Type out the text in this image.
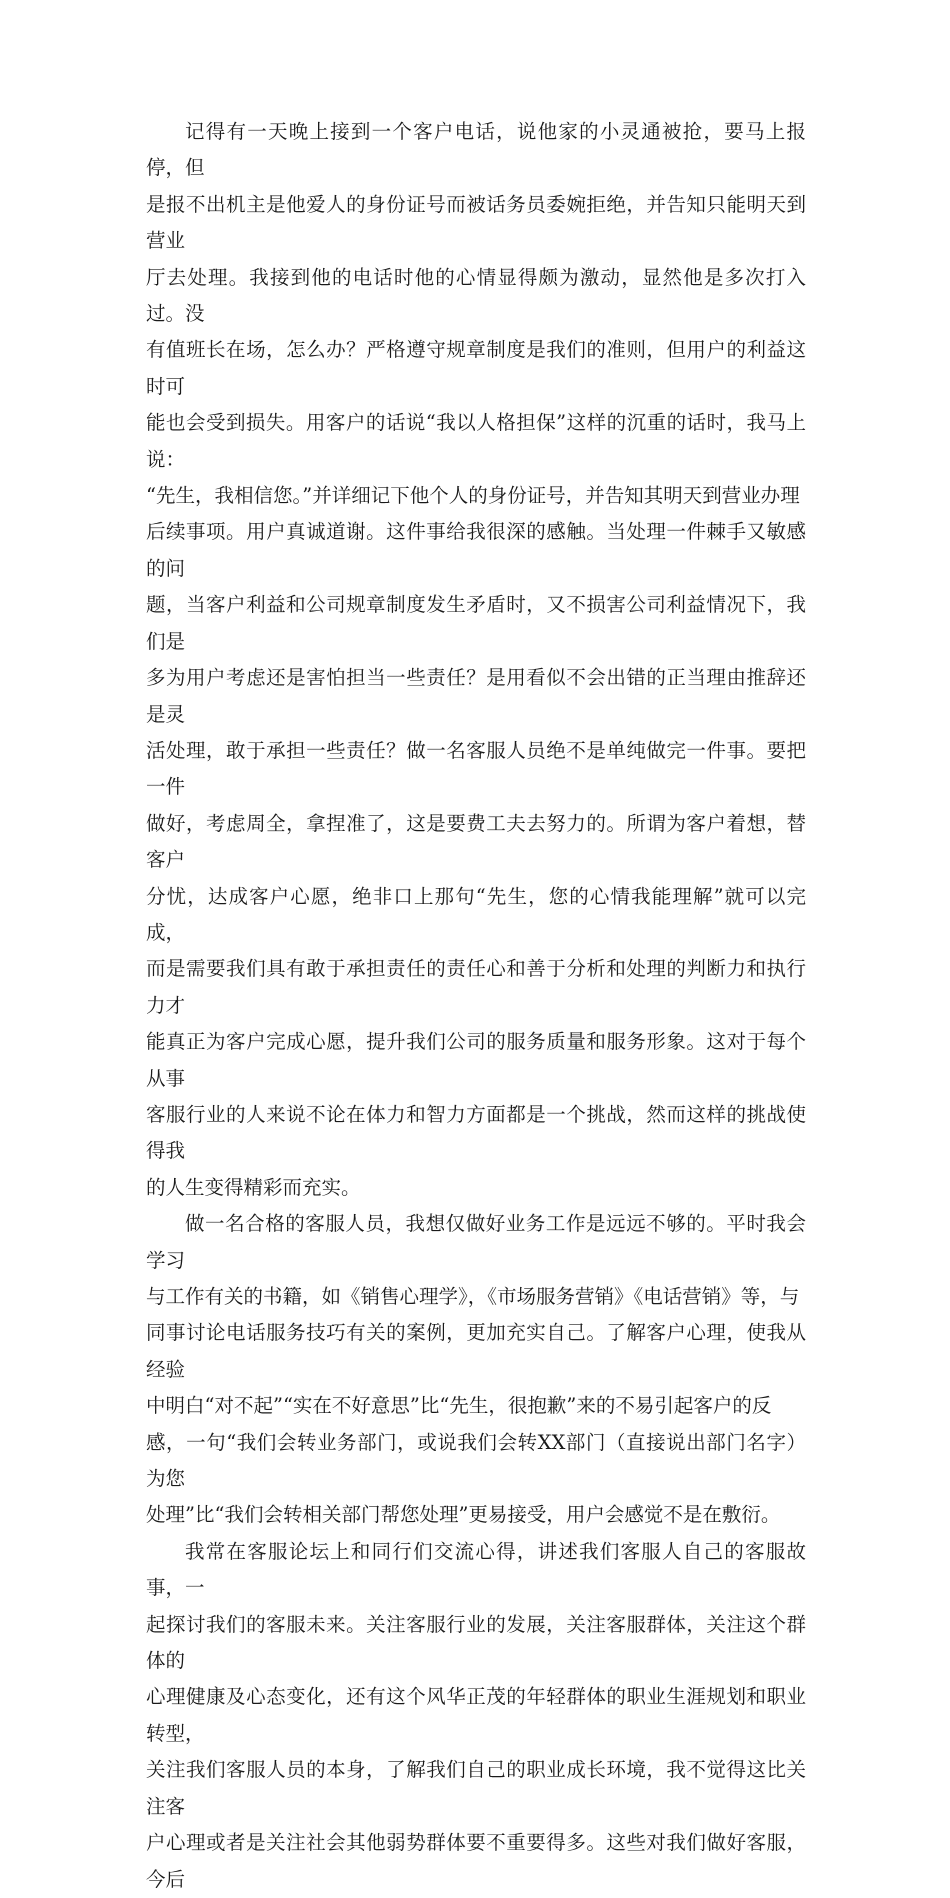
记得有一天晚上接到一个客户电话，说他家的小灵通被抢，要马上报停，但
是报不出机主是他爱人的身份证号而被话务员委婉拒绝，并告知只能明天到营业
厅去处理。我接到他的电话时他的心情显得颇为激动，显然他是多次打入过。没
有值班长在场，怎么办？严格遵守规章制度是我们的准则，但用户的利益这时可
能也会受到损失。用客户的话说“我以人格担保”这样的沉重的话时，我马上说：
“先生，我相信您。”并详细记下他个人的身份证号，并告知其明天到营业办理
后续事项。用户真诚道谢。这件事给我很深的感触。当处理一件棘手又敏感的问
题，当客户利益和公司规章制度发生矛盾时，又不损害公司利益情况下，我们是
多为用户考虑还是害怕担当一些责任？是用看似不会出错的正当理由推辞还是灵
活处理，敢于承担一些责任？做一名客服人员绝不是单纯做完一件事。要把一件
做好，考虑周全，拿捏准了，这是要费工夫去努力的。所谓为客户着想，替客户
分忧，达成客户心愿，绝非口上那句“先生，您的心情我能理解”就可以完成，
而是需要我们具有敢于承担责任的责任心和善于分析和处理的判断力和执行力才
能真正为客户完成心愿，提升我们公司的服务质量和服务形象。这对于每个从事
客服行业的人来说不论在体力和智力方面都是一个挑战，然而这样的挑战使得我
的人生变得精彩而充实。

做一名合格的客服人员，我想仅做好业务工作是远远不够的。平时我会学习
与工作有关的书籍，如《销售心理学》，《市场服务营销》《电话营销》等，与
同事讨论电话服务技巧有关的案例，更加充实自己。了解客户心理，使我从经验
中明白“对不起”“实在不好意思”比“先生，很抱歉”来的不易引起客户的反
感，一句“我们会转业务部门，或说我们会转XX部门（直接说出部门名字）为您
处理”比“我们会转相关部门帮您处理”更易接受，用户会感觉不是在敷衍。

我常在客服论坛上和同行们交流心得，讲述我们客服人自己的客服故事，一
起探讨我们的客服未来。关注客服行业的发展，关注客服群体，关注这个群体的
心理健康及心态变化，还有这个风华正茂的年轻群体的职业生涯规划和职业转型，
关注我们客服人员的本身，了解我们自己的职业成长环境，我不觉得这比关注客
户心理或者是关注社会其他弱势群体要不重要得多。这些对我们做好客服，今后
